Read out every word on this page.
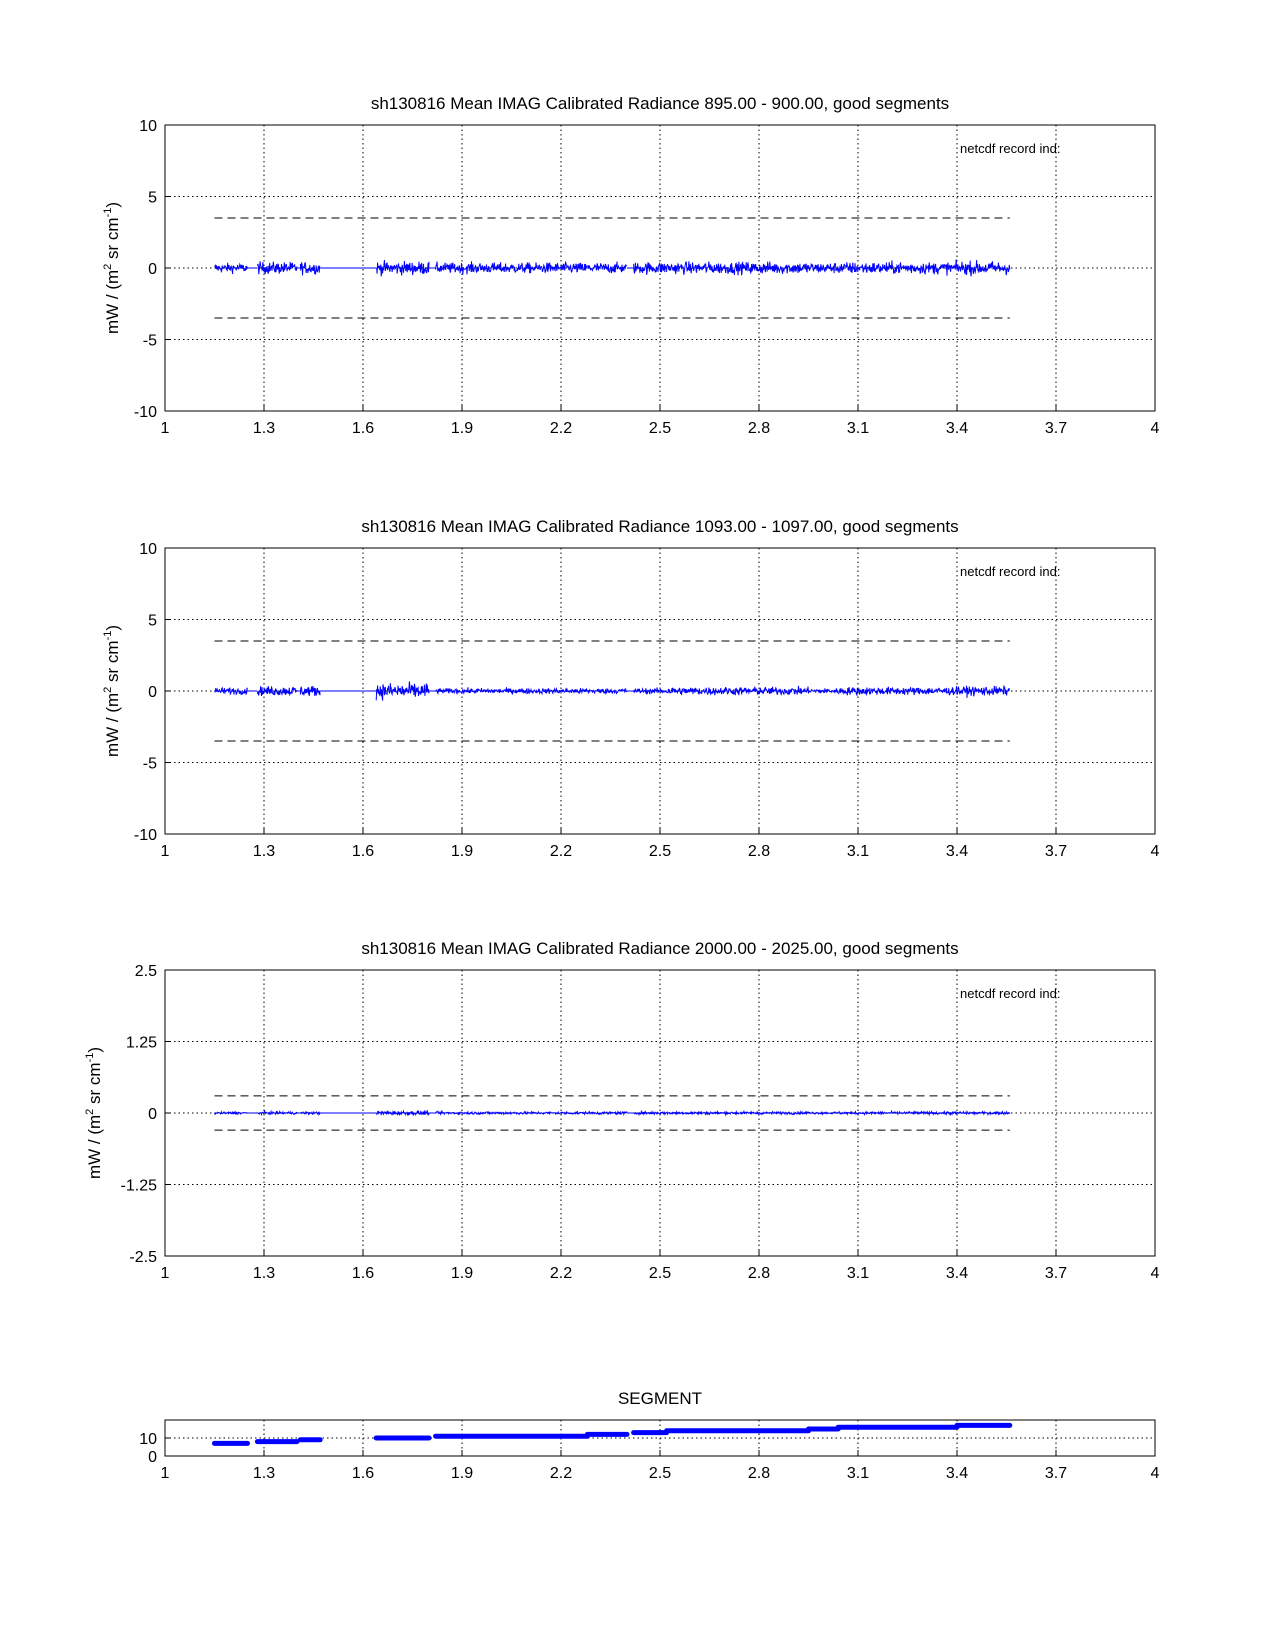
sh130816 Mean IMAG Calibrated Radiance 895.00 - 900.00, good segments
1	1.3	1.6	1.9	2.2	2.5	2.8	3.1	3.4	3.7	4
10
5
0
-5
-10
mW / ($m^2$ sr $cm^{-1}$)
netcdf record ind:
sh130816 Mean IMAG Calibrated Radiance 1093.00 - 1097.00, good segments
1	1.3	1.6	1.9	2.2	2.5	2.8	3.1	3.4	3.7	4
10
5
0
-5
-10
mW / ($m^2$ sr $cm^{-1}$)
netcdf record ind:
sh130816 Mean IMAG Calibrated Radiance 2000.00 - 2025.00, good segments
1	1.3	1.6	1.9	2.2	2.5	2.8	3.1	3.4	3.7	4
2.5
1.25
0
-1.25
-2.5
mW / ($m^2$ sr $cm^{-1}$)
netcdf record ind:
SEGMENT
1	1.3	1.6	1.9	2.2	2.5	2.8	3.1	3.4	3.7	4
10
0
